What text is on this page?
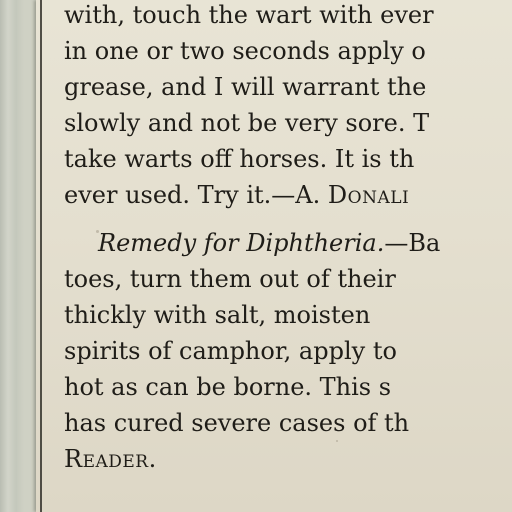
with, touch the wart with ever
in one or two seconds apply o
grease, and I will warrant the
slowly and not be very sore. T
take warts off horses. It is th
ever used. Try it.—A. Donali
Remedy for Diphtheria.—Ba
toes, turn them out of their
thickly with salt, moisten
spirits of camphor, apply to
hot as can be borne. This s
has cured severe cases of th
Reader.
